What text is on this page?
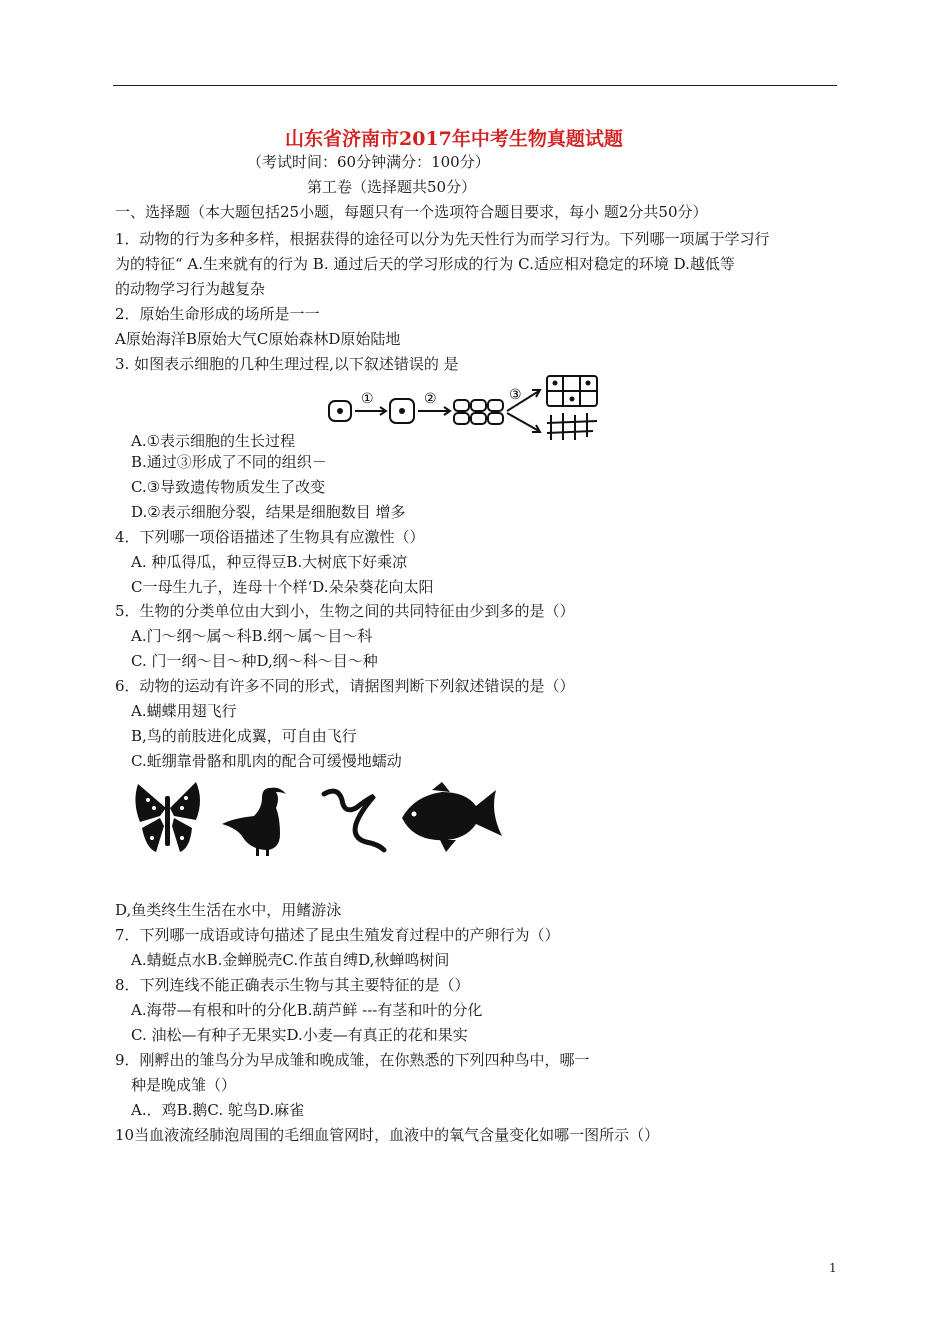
山东省济南市2017年中考生物真题试题
（考试时间：60分钟满分：100分）
第工卷（选择题共50分）
一、选择题（本大题包括25小题，每题只有一个选项符合题目要求，每小 题2分共50分）
1．动物的行为多种多样，根据获得的途径可以分为先天性行为而学习行为。下列哪一项属于学习行
为的特征“ A.生来就有的行为 B. 通过后天的学习形成的行为 C.适应相对稳定的环境 D.越低等
的动物学习行为越复杂
2．原始生命形成的场所是一一
A原始海洋B原始大气C原始森林D原始陆地
3. 如图表示细胞的几种生理过程,以下叙述错误的 是
①	②	③
A.①表示细胞的生长过程
B.通过③形成了不同的组织－
C.③导致遗传物质发生了改变
D.②表示细胞分裂，结果是细胞数目 增多
4．下列哪一项俗语描述了生物具有应激性（）
A. 种瓜得瓜，种豆得豆B.大树底下好乘凉
C一母生九子，连母十个样‘D.朵朵葵花向太阳
5．生物的分类单位由大到小，生物之间的共同特征由少到多的是（）
A.门～纲～属～科B.纲～属～目～科
C. 门一纲～目～种D,纲～科～目～种
6．动物的运动有许多不同的形式，请据图判断下列叙述错误的是（）
A.蝴蝶用翅飞行
B,鸟的前肢进化成翼，可自由飞行
C.蚯绷靠骨骼和肌肉的配合可缓慢地蠕动
D,鱼类终生生活在水中，用鳍游泳
7．下列哪一成语或诗句描述了昆虫生殖发育过程中的产卵行为（）
A.蜻蜓点水B.金蝉脱壳C.作茧自缚D,秋蝉鸣树间
8．下列连线不能正确表示生物与其主要特征的是（）
A.海带—有根和叶的分化B.葫芦鲜 ---有茎和叶的分化
C. 油松—有种子无果实D.小麦—有真正的花和果实
9．刚孵出的雏鸟分为早成雏和晚成雏，在你熟悉的下列四种鸟中，哪一
种是晚成雏（）
A.．鸡B.鹅C. 鸵鸟D.麻雀
10当血液流经肺泡周围的毛细血管网时，血液中的氧气含量变化如哪一图所示（）
1
